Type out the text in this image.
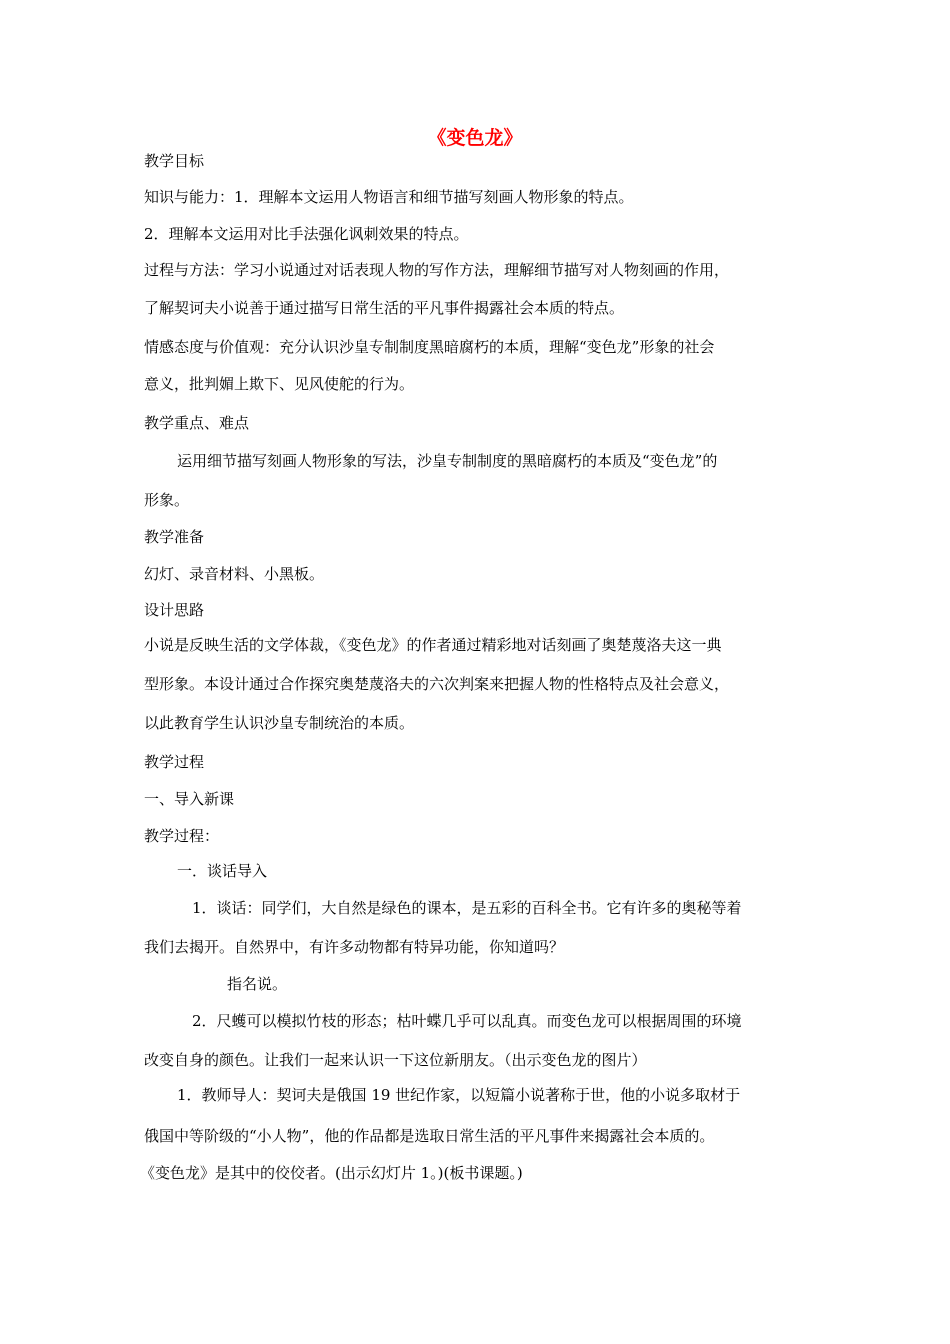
《变色龙》
教学目标
知识与能力：1．理解本文运用人物语言和细节描写刻画人物形象的特点。
2．理解本文运用对比手法强化讽刺效果的特点。
过程与方法：学习小说通过对话表现人物的写作方法，理解细节描写对人物刻画的作用，
了解契诃夫小说善于通过描写日常生活的平凡事件揭露社会本质的特点。
情感态度与价值观：充分认识沙皇专制制度黑暗腐朽的本质，理解“变色龙”形象的社会
意义，批判媚上欺下、见风使舵的行为。
教学重点、难点
运用细节描写刻画人物形象的写法，沙皇专制制度的黑暗腐朽的本质及“变色龙”的
形象。
教学准备
幻灯、录音材料、小黑板。
设计思路
小说是反映生活的文学体裁，《变色龙》的作者通过精彩地对话刻画了奥楚蔑洛夫这一典
型形象。本设计通过合作探究奥楚蔑洛夫的六次判案来把握人物的性格特点及社会意义，
以此教育学生认识沙皇专制统治的本质。
教学过程
一、导入新课
教学过程：
一．谈话导入
1．谈话：同学们，大自然是绿色的课本，是五彩的百科全书。它有许多的奥秘等着
我们去揭开。自然界中，有许多动物都有特异功能，你知道吗？
指名说。
2．尺蠖可以模拟竹枝的形态；枯叶蝶几乎可以乱真。而变色龙可以根据周围的环境
改变自身的颜色。让我们一起来认识一下这位新朋友。（出示变色龙的图片）
1．教师导人：契诃夫是俄国 19 世纪作家，以短篇小说著称于世，他的小说多取材于
俄国中等阶级的“小人物”，他的作品都是选取日常生活的平凡事件来揭露社会本质的。
《变色龙》是其中的佼佼者。(出示幻灯片 1。)(板书课题。)
